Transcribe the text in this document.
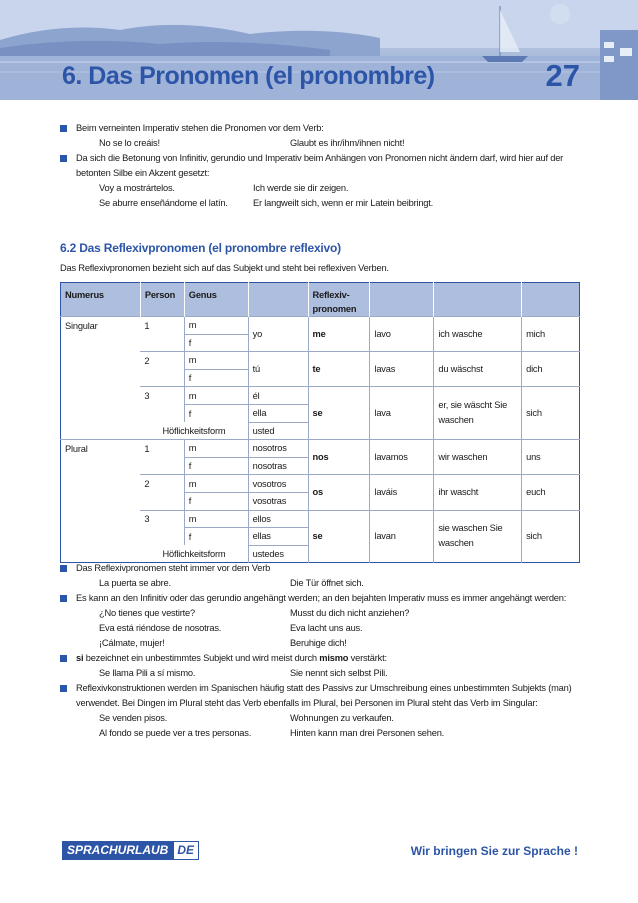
6. Das Pronomen (el pronombre)	27
Beim verneinten Imperativ stehen die Pronomen vor dem Verb:
No se lo creáis!	Glaubt es ihr/ihm/ihnen nicht!
Da sich die Betonung von Infinitiv, gerundio und Imperativ beim Anhängen von Pronomen nicht ändern darf, wird hier auf der betonten Silbe ein Akzent gesetzt:
Voy a mostrártelos.	Ich werde sie dir zeigen.
Se aburre enseñándome el latín.	Er langweilt sich, wenn er mir Latein beibringt.
6.2 Das Reflexivpronomen (el pronombre reflexivo)
Das Reflexivpronomen bezieht sich auf das Subjekt und steht bei reflexiven Verben.
Numerus	Person	Genus		Reflexiv-pronomen			
Singular	1	m	yo	me	lavo	ich wasche	mich
		f					
	2	m	tú	te	lavas	du wäschst	dich
		f					
	3	m	él	se	lava	er, sie wäscht Sie waschen	sich
		f	ella				
	Höflichkeitsform		usted				
Plural	1	m	nosotros	nos	lavamos	wir waschen	uns
		f	nosotras				
	2	m	vosotros	os	laváis	ihr wascht	euch
		f	vosotras				
	3	m	ellos	se	lavan	sie waschen Sie waschen	sich
		f	ellas				
	Höflichkeitsform		ustedes				
Das Reflexivpronomen steht immer vor dem Verb
La puerta se abre.	Die Tür öffnet sich.
Es kann an den Infinitiv oder das gerundio angehängt werden; an den bejahten Imperativ muss es immer angehängt werden:
¿No tienes que vestirte?	Musst du dich nicht anziehen?
Eva está riéndose de nosotras.	Eva lacht uns aus.
¡Cálmate, mujer!	Beruhige dich!
si bezeichnet ein unbestimmtes Subjekt und wird meist durch mismo verstärkt:
Se llama Pili a sí mismo.	Sie nennt sich selbst Pili.
Reflexivkonstruktionen werden im Spanischen häufig statt des Passivs zur Umschreibung eines unbestimmten Subjekts (man) verwendet. Bei Dingen im Plural steht das Verb ebenfalls im Plural, bei Personen im Plural steht das Verb im Singular:
Se venden pisos.	Wohnungen zu verkaufen.
Al fondo se puede ver a tres personas.	Hinten kann man drei Personen sehen.
SPRACHURLAUB DE	Wir bringen Sie zur Sprache !
